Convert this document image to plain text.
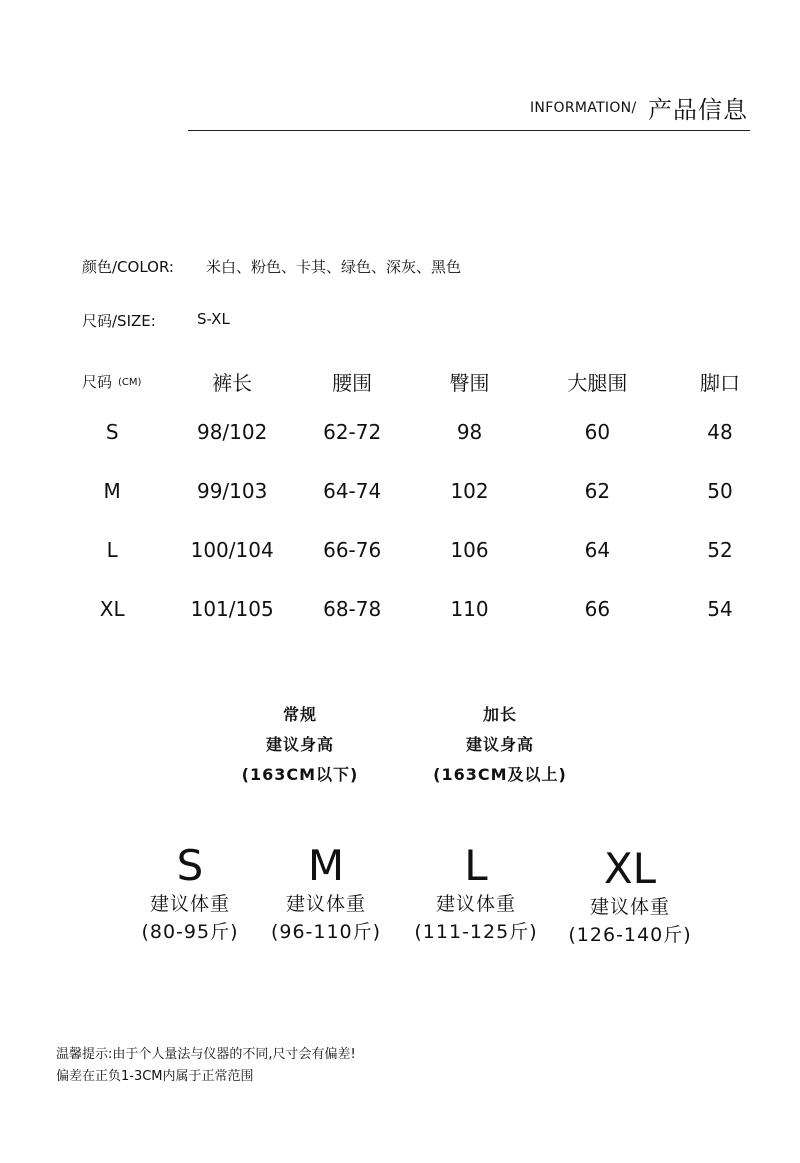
INFORMATION/ 产品信息
颜色/COLOR: 米白、粉色、卡其、绿色、深灰、黑色
尺码/SIZE:	S-XL
尺码 (CM)	裤长	腰围	臀围	大腿围	脚口
S	98/102	62-72	98	60	48
M	99/103	64-74	102	62	50
L	100/104	66-76	106	64	52
XL	101/105	68-78	110	66	54
常规
建议身高
(163CM以下)
加长
建议身高
(163CM及以上)
S
建议体重
(80-95斤)
M
建议体重
(96-110斤)
L
建议体重
(111-125斤)
XL
建议体重
(126-140斤)
温馨提示:由于个人量法与仪器的不同,尺寸会有偏差!
偏差在正负1-3CM内属于正常范围
